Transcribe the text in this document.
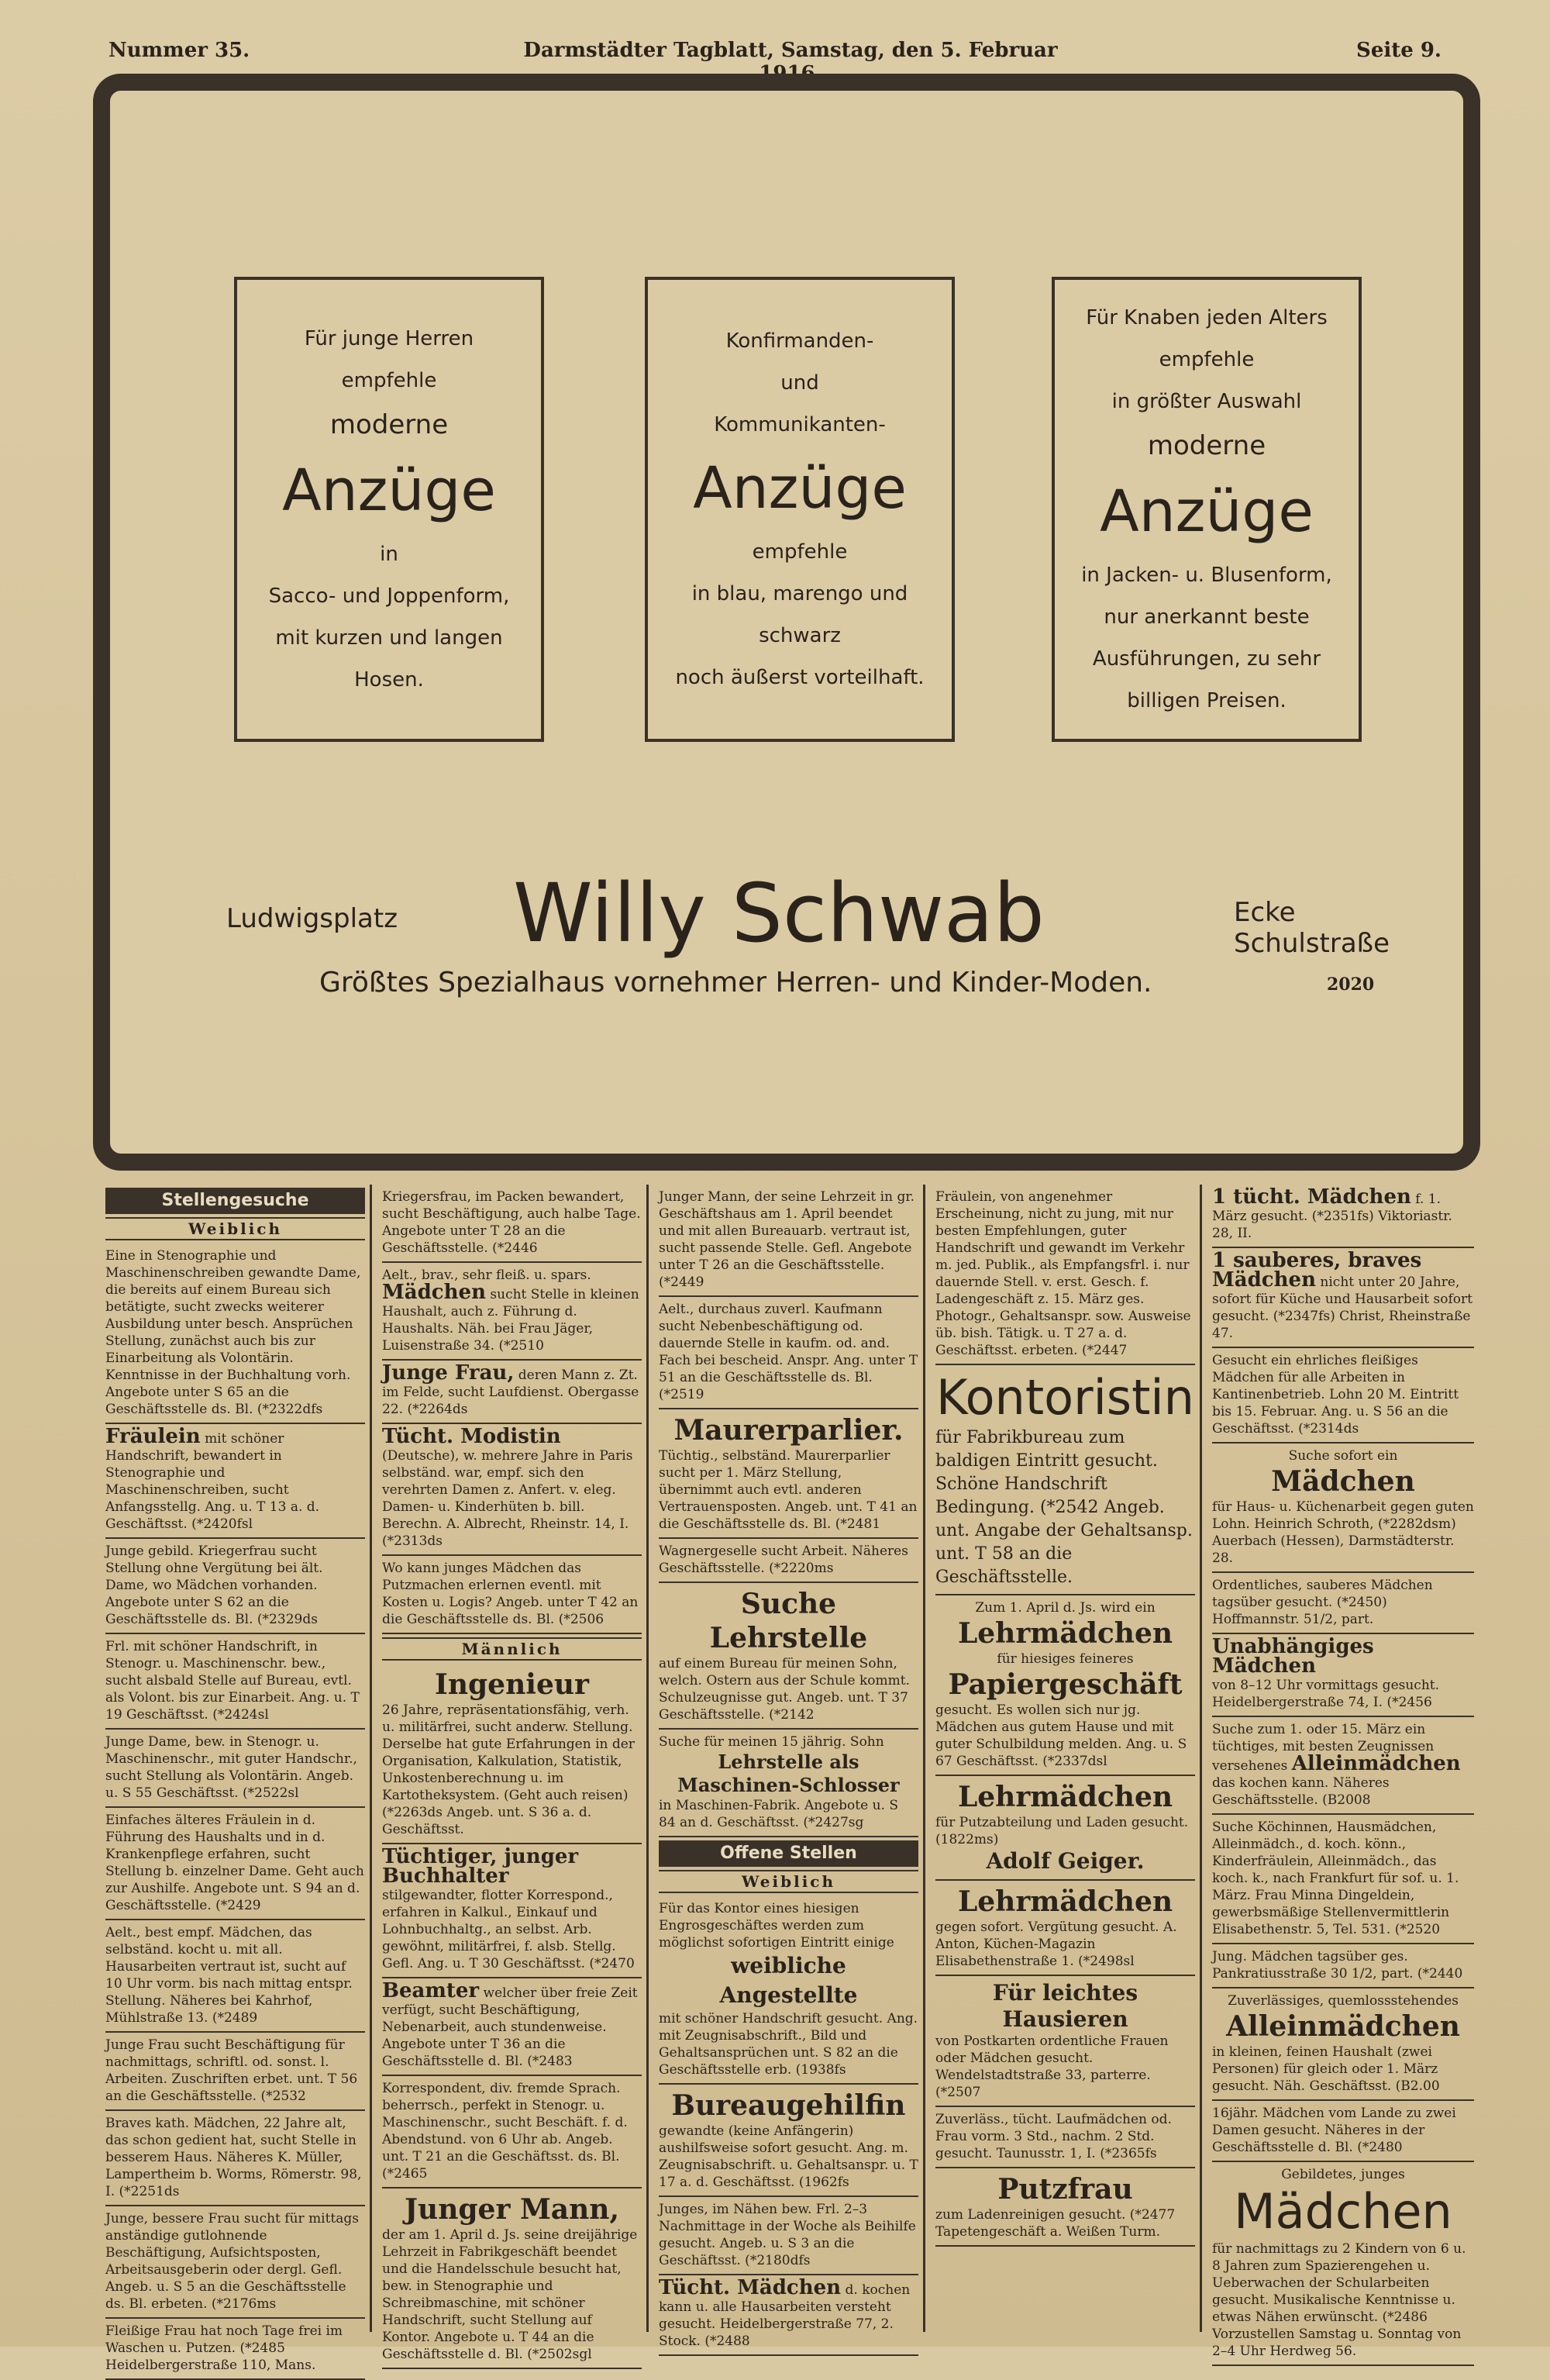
Nummer 35.	Darmstädter Tagblatt, Samstag, den 5. Februar	Seite 9.
Für junge Herren
empfehle
moderne
Anzüge
in
Sacco- und Joppenform,
mit kurzen und langen
Hosen.
Konfirmanden-
und
Kommunikanten-
Anzüge
empfehle
in blau, marengo und
schwarz
noch äußerst vorteilhaft.
Für Knaben jeden Alters
empfehle
in größter Auswahl
moderne
Anzüge
in Jacken- u. Blusenform,
nur anerkannt beste
Ausführungen, zu sehr
billigen Preisen.
Ludwigsplatz Willy Schwab	Ecke Schulstraße
Größtes Spezialhaus vornehmer Herren- und Kinder-Moden.	2020
Stellengesuche
Weiblich
Eine in Stenographie und Maschinenschreiben gewandte Dame, die bereits auf einem Bureau sich betätigte, sucht zwecks weiterer Ausbildung unter besch. Ansprüchen Stellung, zunächst auch bis zur Einarbeitung als Volontärin. Kenntnisse in der Buchhaltung vorh. Angebote unter S 65 an die Geschäftsstelle ds. Bl. (*2322dfs
Fräulein mit schöner Handschrift, bewandert in Stenographie und Maschinenschreiben, sucht Anfangsstellg. Ang. u. T 13 a. d. Geschäftsst. (*2420fsl
Junge gebild. Kriegerfrau sucht Stellung ohne Vergütung bei ält. Dame, wo Mädchen vorhanden. Angebote unter S 62 an die Geschäftsstelle ds. Bl. (*2329ds
Frl. mit schöner Handschrift, in Stenogr. u. Maschinenschr. bew., sucht alsbald Stelle auf Bureau, evtl. als Volont. bis zur Einarbeit. Ang. u. T 19 Geschäftsst. (*2424sl
Junge Dame, bew. in Stenogr. u. Maschinenschr., mit guter Handschr., sucht Stellung als Volontärin. Angeb. u. S 55 Geschäftsst. (*2522sl
Einfaches älteres Fräulein in d. Führung des Haushalts und in d. Krankenpflege erfahren, sucht Stellung b. einzelner Dame. Geht auch zur Aushilfe. Angebote unt. S 94 an d. Geschäftsstelle. (*2429
Aelt., best empf. Mädchen, das selbständ. kocht u. mit all. Hausarbeiten vertraut ist, sucht auf 10 Uhr vorm. bis nach mittag entspr. Stellung. Näheres bei Kahrhof, Mühlstraße 13. (*2489
Junge Frau sucht Beschäftigung für nachmittags, schriftl. od. sonst. l. Arbeiten. Zuschriften erbet. unt. T 56 an die Geschäftsstelle. (*2532
Braves kath. Mädchen, 22 Jahre alt, das schon gedient hat, sucht Stelle in besserem Haus. Näheres K. Müller, Lampertheim b. Worms, Römerstr. 98, I. (*2251ds
Junge, bessere Frau sucht für mittags anständige gutlohnende Beschäftigung, Aufsichtsposten, Arbeitsausgeberin oder dergl. Gefl. Angeb. u. S 5 an die Geschäftsstelle ds. Bl. erbeten. (*2176ms
Fleißige Frau hat noch Tage frei im Waschen u. Putzen. (*2485 Heidelbergerstraße 110, Mans.
Kriegersfrau, im Packen bewandert, sucht Beschäftigung, auch halbe Tage. Angebote unter T 28 an die Geschäftsstelle. (*2446
Aelt., brav., sehr fleiß. u. spars.
Mädchen sucht Stelle in kleinen Haushalt, auch z. Führung d. Haushalts. Näh. bei Frau Jäger, Luisenstraße 34. (*2510
Junge Frau, deren Mann z. Zt. im Felde, sucht Laufdienst. Obergasse 22. (*2264ds
Tücht. Modistin (Deutsche), w. mehrere Jahre in Paris selbständ. war, empf. sich den verehrten Damen z. Anfert. v. eleg. Damen- u. Kinderhüten b. bill. Berechn. A. Albrecht, Rheinstr. 14, I. (*2313ds
Wo kann junges Mädchen das Putzmachen erlernen eventl. mit Kosten u. Logis? Angeb. unter T 42 an die Geschäftsstelle ds. Bl. (*2506
Männlich
Ingenieur
26 Jahre, repräsentationsfähig, verh. u. militärfrei, sucht anderw. Stellung. Derselbe hat gute Erfahrungen in der Organisation, Kalkulation, Statistik, Unkostenberechnung u. im Kartotheksystem. (Geht auch reisen) (*2263ds Angeb. unt. S 36 a. d. Geschäftsst.
Tüchtiger, junger Buchhalter
stilgewandter, flotter Korrespond., erfahren in Kalkul., Einkauf und Lohnbuchhaltg., an selbst. Arb. gewöhnt, militärfrei, f. alsb. Stellg. Gefl. Ang. u. T 30 Geschäftsst. (*2470
Beamter welcher über freie Zeit verfügt, sucht Beschäftigung, Nebenarbeit, auch stundenweise. Angebote unter T 36 an die Geschäftsstelle d. Bl. (*2483
Korrespondent, div. fremde Sprach. beherrsch., perfekt in Stenogr. u. Maschinenschr., sucht Beschäft. f. d. Abendstund. von 6 Uhr ab. Angeb. unt. T 21 an die Geschäftsst. ds. Bl. (*2465
Junger Mann,
der am 1. April d. Js. seine dreijährige Lehrzeit in Fabrikgeschäft beendet und die Handelsschule besucht hat, bew. in Stenographie und Schreibmaschine, mit schöner Handschrift, sucht Stellung auf Kontor. Angebote u. T 44 an die Geschäftsstelle d. Bl. (*2502sgl
Junger Mann, der seine Lehrzeit in gr. Geschäftshaus am 1. April beendet und mit allen Bureauarb. vertraut ist, sucht passende Stelle. Gefl. Angebote unter T 26 an die Geschäftsstelle. (*2449
Aelt., durchaus zuverl. Kaufmann sucht Nebenbeschäftigung od. dauernde Stelle in kaufm. od. and. Fach bei bescheid. Anspr. Ang. unter T 51 an die Geschäftsstelle ds. Bl. (*2519
Maurerparlier.
Tüchtig., selbständ. Maurerparlier sucht per 1. März Stellung, übernimmt auch evtl. anderen Vertrauensposten. Angeb. unt. T 41 an die Geschäftsstelle ds. Bl. (*2481
Wagnergeselle sucht Arbeit. Näheres Geschäftsstelle. (*2220ms
Suche Lehrstelle
auf einem Bureau für meinen Sohn, welch. Ostern aus der Schule kommt. Schulzeugnisse gut. Angeb. unt. T 37 Geschäftsstelle. (*2142
Suche für meinen 15 jährig. Sohn
Lehrstelle als Maschinen-Schlosser
in Maschinen-Fabrik. Angebote u. S 84 an d. Geschäftsst. (*2427sg
Offene Stellen
Weiblich
Für das Kontor eines hiesigen Engrosgeschäftes werden zum möglichst sofortigen Eintritt einige
weibliche Angestellte
mit schöner Handschrift gesucht. Ang. mit Zeugnisabschrift., Bild und Gehaltsansprüchen unt. S 82 an die Geschäftsstelle erb. (1938fs
Bureaugehilfin
gewandte (keine Anfängerin) aushilfsweise sofort gesucht. Ang. m. Zeugnisabschrift. u. Gehaltsanspr. u. T 17 a. d. Geschäftsst. (1962fs
Junges, im Nähen bew. Frl. 2–3 Nachmittage in der Woche als Beihilfe gesucht. Angeb. u. S 3 an die Geschäftsst. (*2180dfs
Tücht. Mädchen d. kochen kann u. alle Hausarbeiten versteht gesucht. Heidelbergerstraße 77, 2. Stock. (*2488
Fräulein, von angenehmer Erscheinung, nicht zu jung, mit nur besten Empfehlungen, guter Handschrift und gewandt im Verkehr m. jed. Publik., als Empfangsfrl. i. nur dauernde Stell. v. erst. Gesch. f. Ladengeschäft z. 15. März ges. Photogr., Gehaltsanspr. sow. Ausweise üb. bish. Tätigk. u. T 27 a. d. Geschäftsst. erbeten. (*2447
Kontoristin
für Fabrikbureau zum baldigen Eintritt gesucht. Schöne Handschrift Bedingung. (*2542 Angeb. unt. Angabe der Gehaltsansp. unt. T 58 an die Geschäftsstelle.
Zum 1. April d. Js. wird ein
Lehrmädchen
für hiesiges feineres
Papiergeschäft
gesucht. Es wollen sich nur jg. Mädchen aus gutem Hause und mit guter Schulbildung melden. Ang. u. S 67 Geschäftsst. (*2337dsl
Lehrmädchen
für Putzabteilung und Laden gesucht. (1822ms)
Adolf Geiger.
Lehrmädchen
gegen sofort. Vergütung gesucht. A. Anton, Küchen-Magazin Elisabethenstraße 1. (*2498sl
Für leichtes Hausieren
von Postkarten ordentliche Frauen oder Mädchen gesucht. Wendelstadtstraße 33, parterre. (*2507
Zuverläss., tücht. Laufmädchen od. Frau vorm. 3 Std., nachm. 2 Std. gesucht. Taunusstr. 1, I. (*2365fs
Putzfrau
zum Ladenreinigen gesucht. (*2477 Tapetengeschäft a. Weißen Turm.
1 tücht. Mädchen f. 1. März gesucht. (*2351fs) Viktoriastr. 28, II.
1 sauberes, braves Mädchen nicht unter 20 Jahre, sofort für Küche und Hausarbeit sofort gesucht. (*2347fs) Christ, Rheinstraße 47.
Gesucht ein ehrliches fleißiges Mädchen für alle Arbeiten in Kantinenbetrieb. Lohn 20 M. Eintritt bis 15. Februar. Ang. u. S 56 an die Geschäftsst. (*2314ds
Suche sofort ein
Mädchen
für Haus- u. Küchenarbeit gegen guten Lohn. Heinrich Schroth, (*2282dsm) Auerbach (Hessen), Darmstädterstr. 28.
Ordentliches, sauberes Mädchen tagsüber gesucht. (*2450) Hoffmannstr. 51/2, part.
Unabhängiges Mädchen
von 8–12 Uhr vormittags gesucht. Heidelbergerstraße 74, I. (*2456
Suche zum 1. oder 15. März ein tüchtiges, mit besten Zeugnissen versehenes Alleinmädchen das kochen kann. Näheres Geschäftsstelle. (B2008
Suche Köchinnen, Hausmädchen, Alleinmädch., d. koch. könn., Kinderfräulein, Alleinmädch., das koch. k., nach Frankfurt für sof. u. 1. März. Frau Minna Dingeldein, gewerbsmäßige Stellenvermittlerin Elisabethenstr. 5, Tel. 531. (*2520
Jung. Mädchen tagsüber ges. Pankratiusstraße 30 1/2, part. (*2440
Zuverlässiges, quemlossstehendes
Alleinmädchen
in kleinen, feinen Haushalt (zwei Personen) für gleich oder 1. März gesucht. Näh. Geschäftsst. (B2.00
16jähr. Mädchen vom Lande zu zwei Damen gesucht. Näheres in der Geschäftsstelle d. Bl. (*2480
Gebildetes, junges
Mädchen
für nachmittags zu 2 Kindern von 6 u. 8 Jahren zum Spazierengehen u. Ueberwachen der Schularbeiten gesucht. Musikalische Kenntnisse u. etwas Nähen erwünscht. (*2486 Vorzustellen Samstag u. Sonntag von 2–4 Uhr Herdweg 56.
